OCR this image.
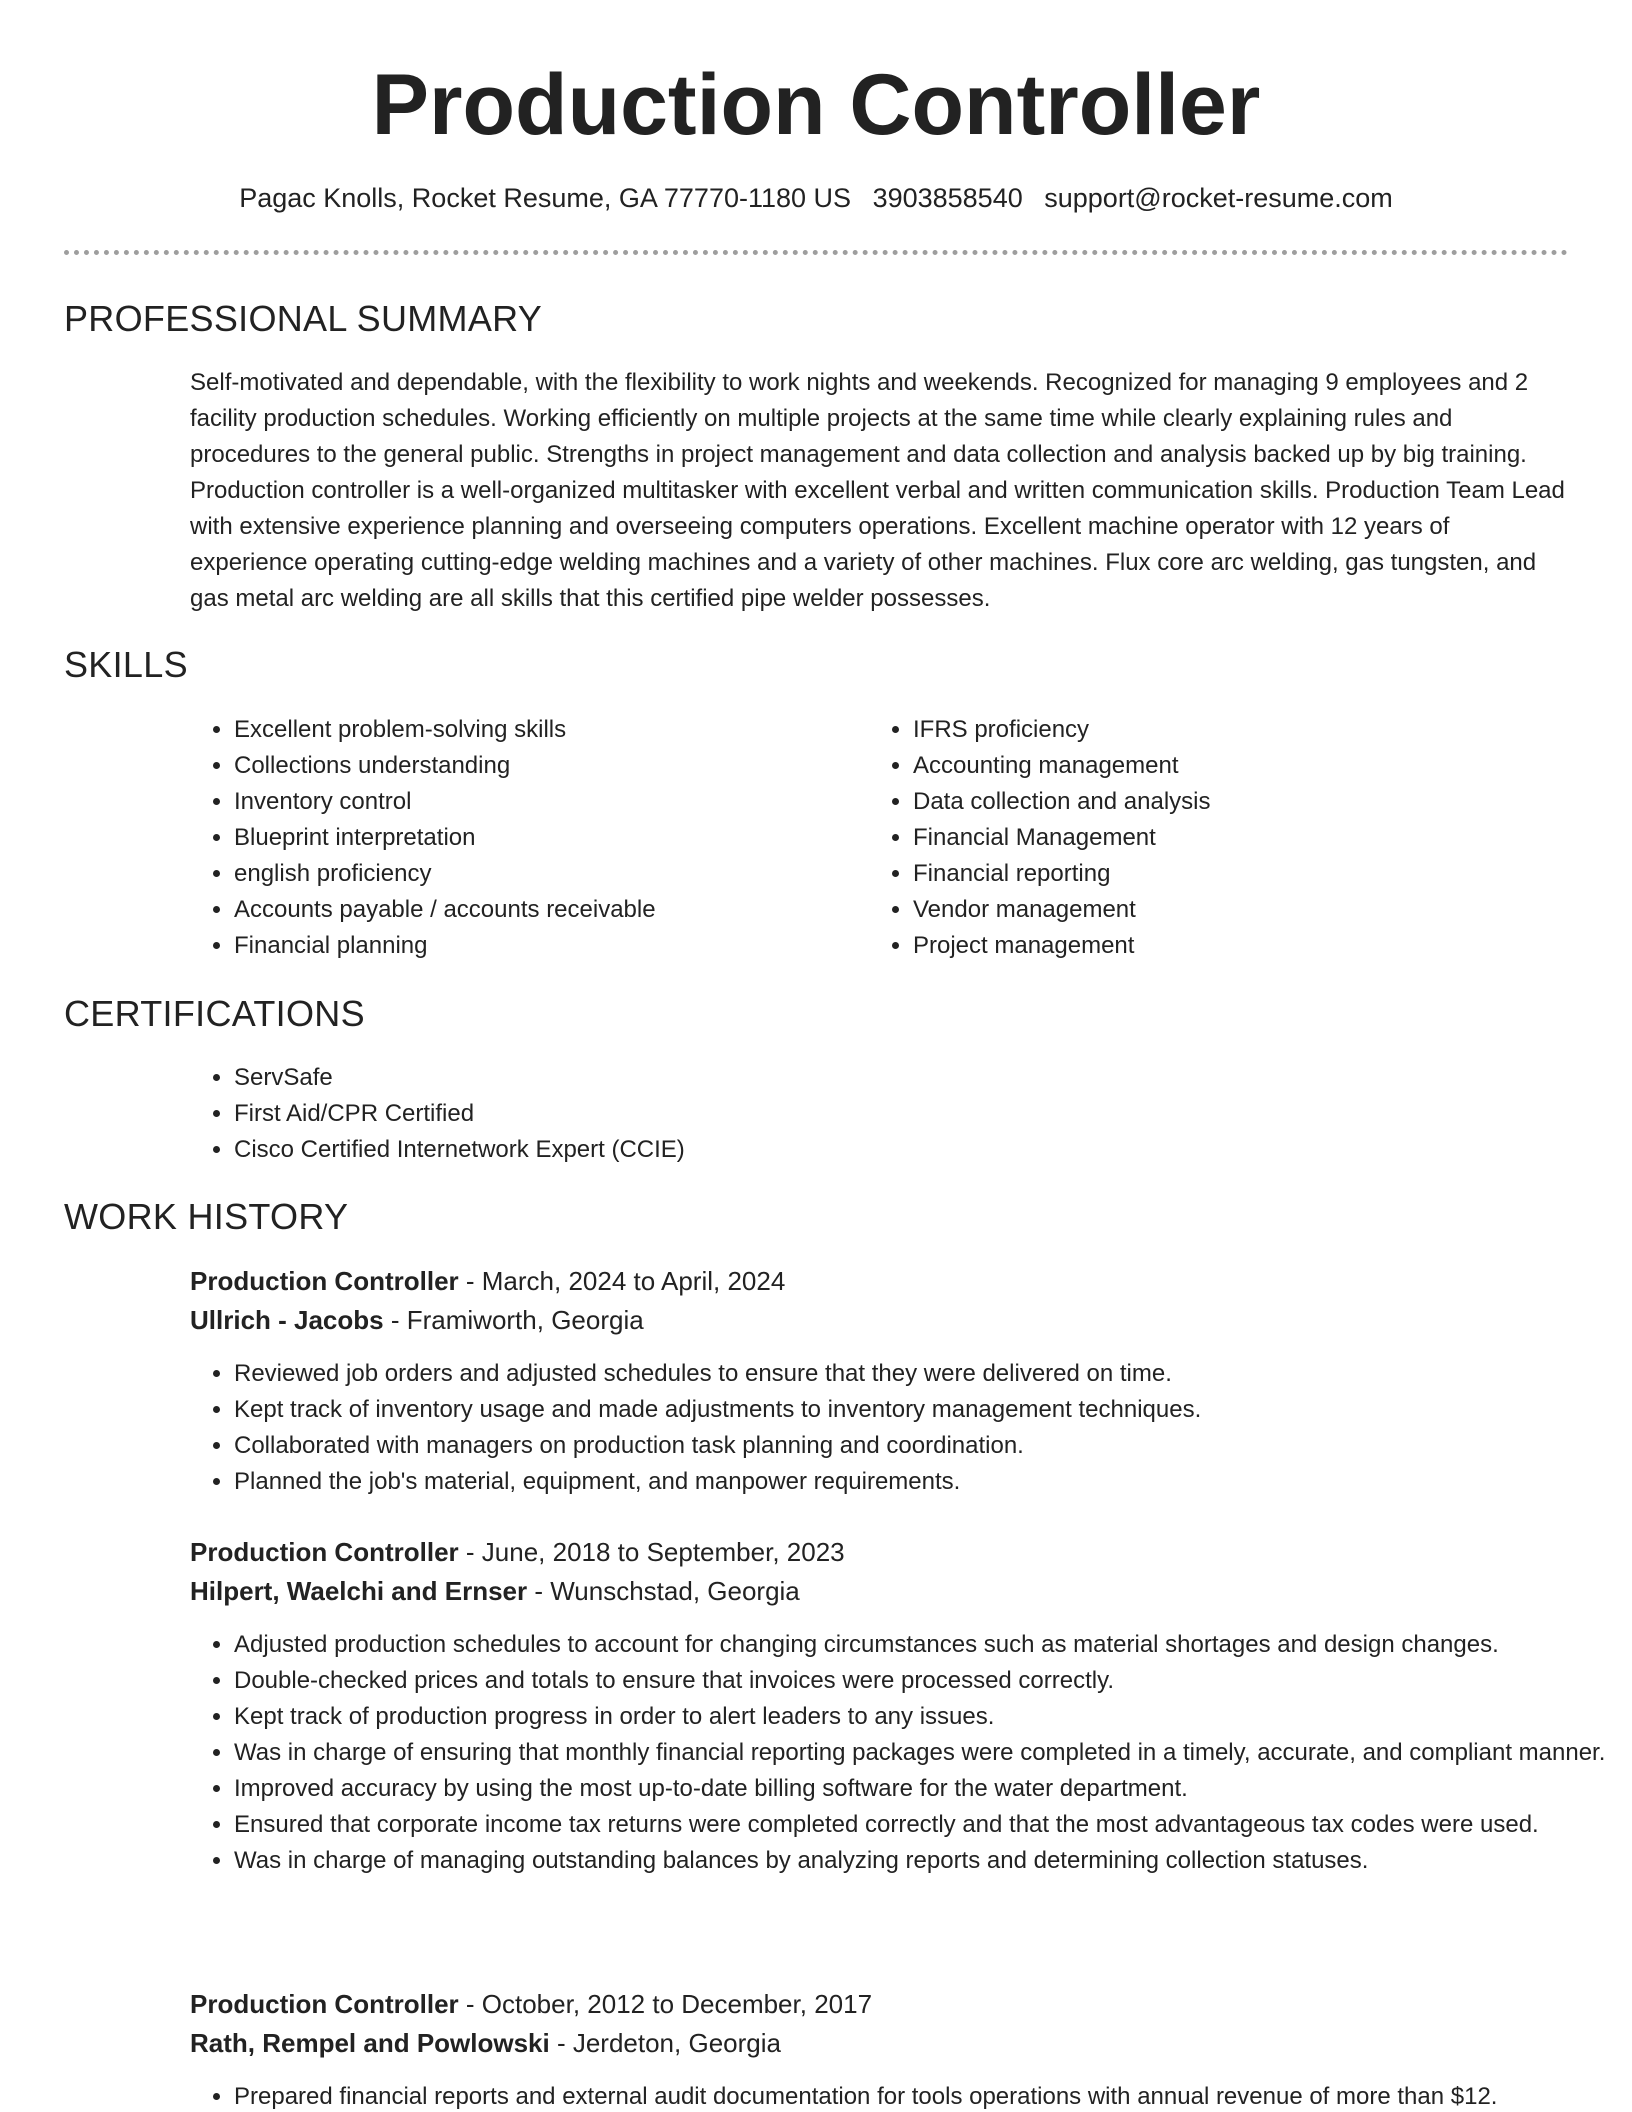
Production Controller
Pagac Knolls, Rocket Resume, GA 77770-1180 US 3903858540 support@rocket-resume.com
PROFESSIONAL SUMMARY

Self-motivated and dependable, with the flexibility to work nights and weekends. Recognized for managing 9 employees and 2 facility production schedules. Working efficiently on multiple projects at the same time while clearly explaining rules and procedures to the general public. Strengths in project management and data collection and analysis backed up by big training. Production controller is a well-organized multitasker with excellent verbal and written communication skills. Production Team Lead with extensive experience planning and overseeing computers operations. Excellent machine operator with 12 years of experience operating cutting-edge welding machines and a variety of other machines. Flux core arc welding, gas tungsten, and gas metal arc welding are all skills that this certified pipe welder possesses.

SKILLS
• Excellent problem-solving skills
• Collections understanding
• Inventory control
• Blueprint interpretation
• english proficiency
• Accounts payable / accounts receivable
• Financial planning
• IFRS proficiency
• Accounting management
• Data collection and analysis
• Financial Management
• Financial reporting
• Vendor management
• Project management
CERTIFICATIONS
• ServSafe
• First Aid/CPR Certified
• Cisco Certified Internetwork Expert (CCIE)
WORK HISTORY
Production Controller - March, 2024 to April, 2024
Ullrich - Jacobs - Framiworth, Georgia
• Reviewed job orders and adjusted schedules to ensure that they were delivered on time.
• Kept track of inventory usage and made adjustments to inventory management techniques.
• Collaborated with managers on production task planning and coordination.
• Planned the job's material, equipment, and manpower requirements.
Production Controller - June, 2018 to September, 2023
Hilpert, Waelchi and Ernser - Wunschstad, Georgia
• Adjusted production schedules to account for changing circumstances such as material shortages and design changes.
• Double-checked prices and totals to ensure that invoices were processed correctly.
• Kept track of production progress in order to alert leaders to any issues.
• Was in charge of ensuring that monthly financial reporting packages were completed in a timely, accurate, and compliant manner.
• Improved accuracy by using the most up-to-date billing software for the water department.
• Ensured that corporate income tax returns were completed correctly and that the most advantageous tax codes were used.
• Was in charge of managing outstanding balances by analyzing reports and determining collection statuses.
Production Controller - October, 2012 to December, 2017
Rath, Rempel and Powlowski - Jerdeton, Georgia
• Prepared financial reports and external audit documentation for tools operations with annual revenue of more than $12.
